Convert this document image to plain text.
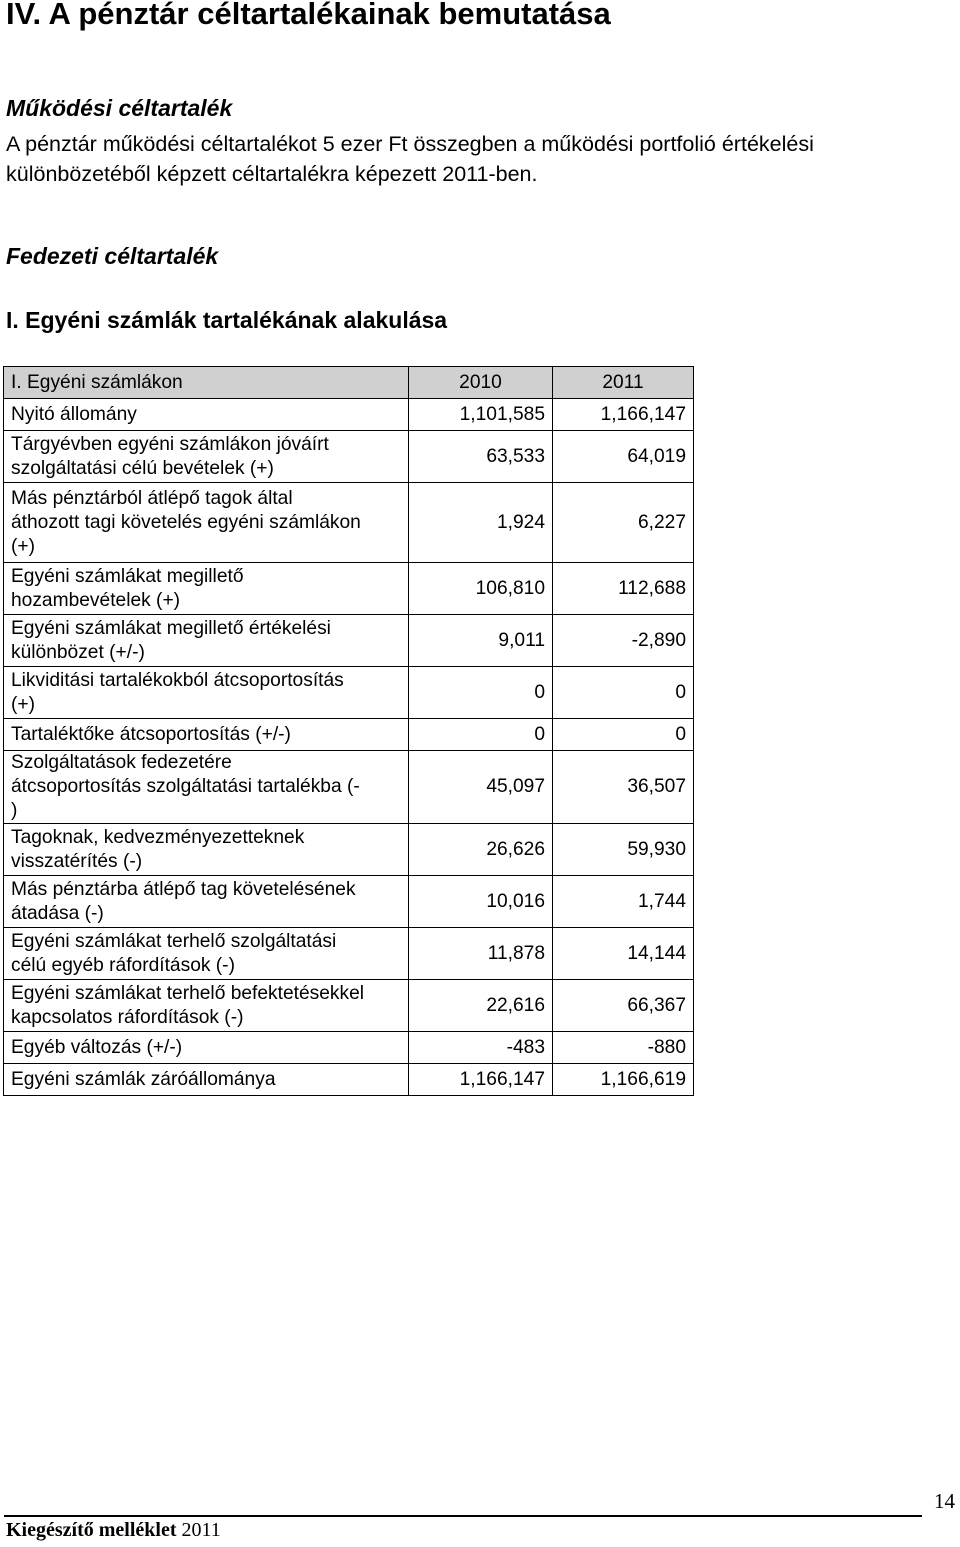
IV. A pénztár céltartalékainak bemutatása
Működési céltartalék

A pénztár működési céltartalékot 5 ezer Ft összegben a működési portfolió értékelési
különbözetéből képzett céltartalékra képezett 2011-ben.

Fedezeti céltartalék
I. Egyéni számlák tartalékának alakulása
I. Egyéni számlákon	2010	2011

Nyitó állomány	1,101,585	1,166,147

Tárgyévben egyéni számlákon jóváírt
szolgáltatási célú bevételek (+)	63,533	64,019

Más pénztárból átlépő tagok által
áthozott tagi követelés egyéni számlákon
(+)	1,924	6,227

Egyéni számlákat megillető
hozambevételek (+)	106,810	112,688

Egyéni számlákat megillető értékelési
különbözet (+/-)	9,011	-2,890

Likviditási tartalékokból átcsoportosítás
(+)	0	0

Tartaléktőke átcsoportosítás (+/-)	0	0

Szolgáltatások fedezetére
átcsoportosítás szolgáltatási tartalékba (-
)	45,097	36,507

Tagoknak, kedvezményezetteknek
visszatérítés (-)	26,626	59,930

Más pénztárba átlépő tag követelésének
átadása (-)	10,016	1,744

Egyéni számlákat terhelő szolgáltatási
célú egyéb ráfordítások (-)	11,878	14,144

Egyéni számlákat terhelő befektetésekkel
kapcsolatos ráfordítások (-)	22,616	66,367

Egyéb változás (+/-)	-483	-880

Egyéni számlák záróállománya	1,166,147	1,166,619

Kiegészítő melléklet 2011

14
